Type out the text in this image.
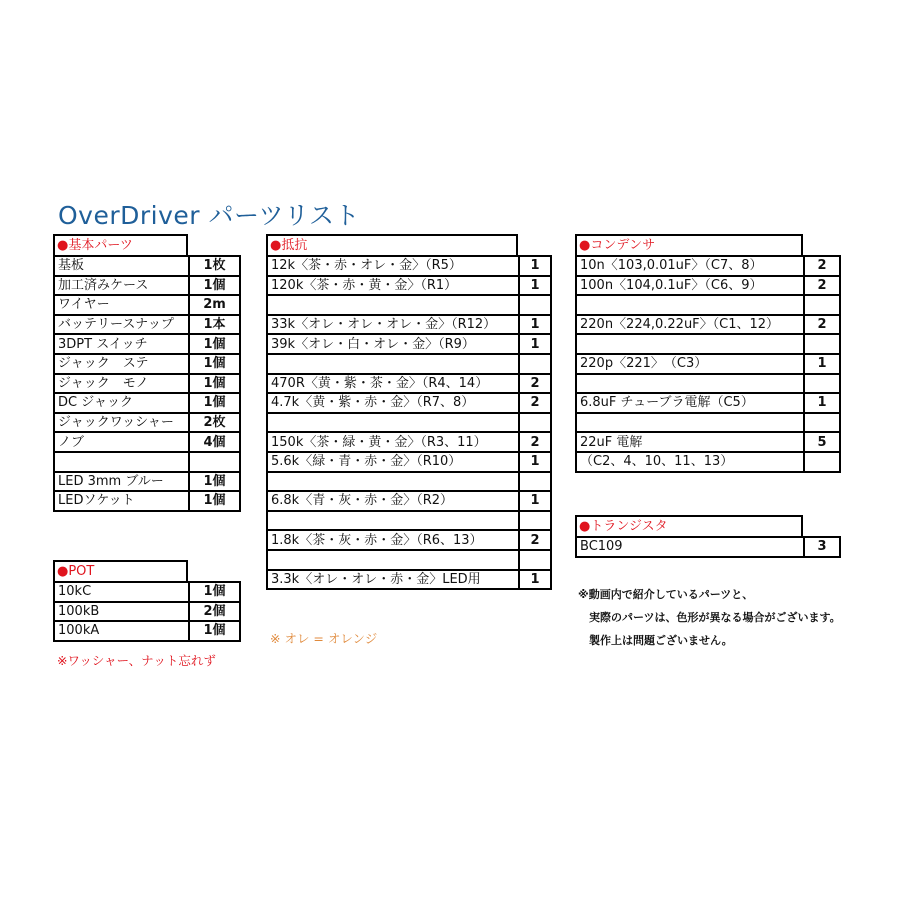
OverDriver パーツリスト
●基本パーツ
基板	1枚
加工済みケース	1個
ワイヤー	2m
バッテリースナップ	1本
3DPT スイッチ	1個
ジャック　ステ	1個
ジャック　モノ	1個
DC ジャック	1個
ジャックワッシャー	2枚
ノブ	4個

LED 3mm ブルー	1個
LEDソケット	1個
●POT
10kC	1個
100kB	2個
100kA	1個
※ワッシャー、ナット忘れず
●抵抗
12k〈茶・赤・オレ・金〉（R5）	1
120k〈茶・赤・黄・金〉（R1）	1

33k〈オレ・オレ・オレ・金〉（R12）	1
39k〈オレ・白・オレ・金〉（R9）	1

470R〈黄・紫・茶・金〉（R4、14）	2
4.7k〈黄・紫・赤・金〉（R7、8）	2

150k〈茶・緑・黄・金〉（R3、11）	2
5.6k〈緑・青・赤・金〉（R10）	1

6.8k〈青・灰・赤・金〉（R2）	1

1.8k〈茶・灰・赤・金〉（R6、13）	2

3.3k〈オレ・オレ・赤・金〉LED用	1
※ オレ = オレンジ
●コンデンサ
10n〈103,0.01uF〉（C7、8）	2
100n〈104,0.1uF〉（C6、9）	2

220n〈224,0.22uF〉（C1、12）	2

220p〈221〉　（C3）	1

6.8uF チューブラ電解（C5）	1

22uF 電解	5
（C2、4、10、11、13）	
●トランジスタ
BC109	3
※動画内で紹介しているパーツと、
実際のパーツは、色形が異なる場合がございます。
製作上は問題ございません。
